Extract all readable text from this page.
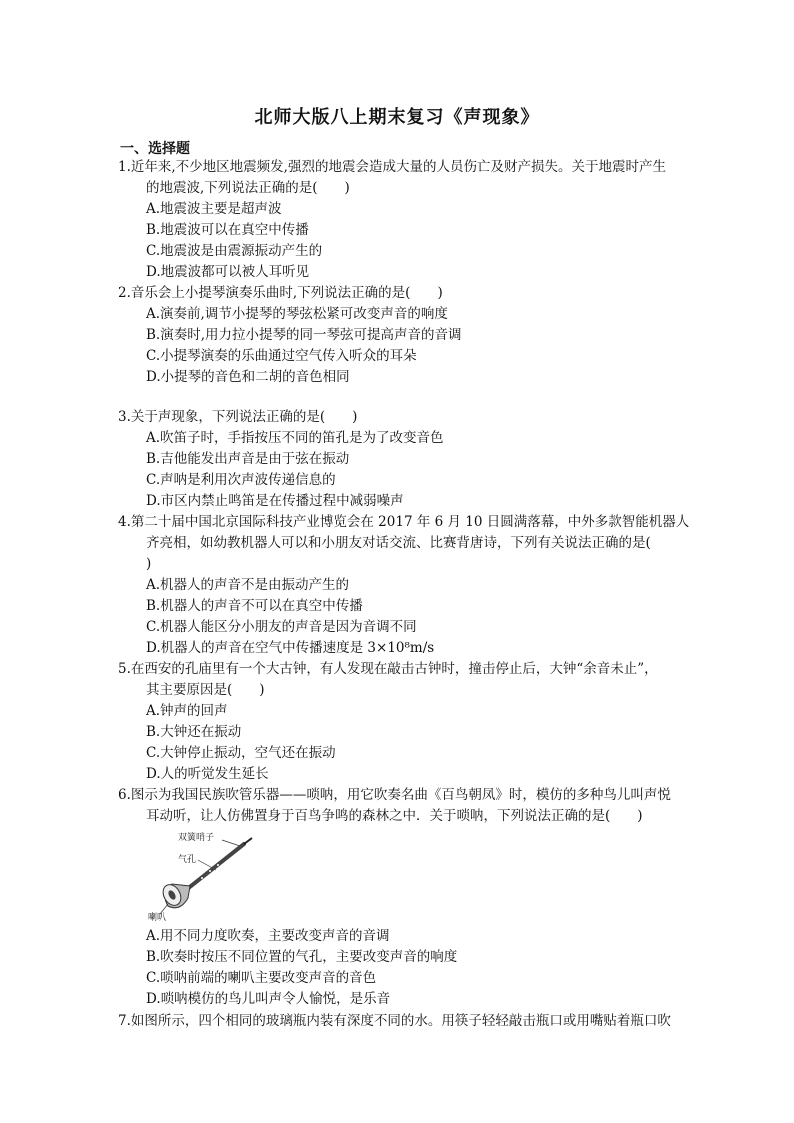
北师大版八上期末复习《声现象》
一、选择题
1.近年来,不少地区地震频发,强烈的地震会造成大量的人员伤亡及财产损失。关于地震时产生
的地震波,下列说法正确的是(　　)
A.地震波主要是超声波
B.地震波可以在真空中传播
C.地震波是由震源振动产生的
D.地震波都可以被人耳听见
2.音乐会上小提琴演奏乐曲时,下列说法正确的是(　　)
A.演奏前,调节小提琴的琴弦松紧可改变声音的响度
B.演奏时,用力拉小提琴的同一琴弦可提高声音的音调
C.小提琴演奏的乐曲通过空气传入听众的耳朵
D.小提琴的音色和二胡的音色相同
3.关于声现象，下列说法正确的是(　　)
A.吹笛子时，手指按压不同的笛孔是为了改变音色
B.吉他能发出声音是由于弦在振动
C.声呐是利用次声波传递信息的
D.市区内禁止鸣笛是在传播过程中减弱噪声
4.第二十届中国北京国际科技产业博览会在 2017 年 6 月 10 日圆满落幕，中外多款智能机器人
齐亮相，如幼教机器人可以和小朋友对话交流、比赛背唐诗，下列有关说法正确的是(
)
A.机器人的声音不是由振动产生的
B.机器人的声音不可以在真空中传播
C.机器人能区分小朋友的声音是因为音调不同
D.机器人的声音在空气中传播速度是 3×10⁸m/s
5.在西安的孔庙里有一个大古钟，有人发现在敲击古钟时，撞击停止后，大钟“余音未止”，
其主要原因是(　　)
A.钟声的回声
B.大钟还在振动
C.大钟停止振动，空气还在振动
D.人的听觉发生延长
6.图示为我国民族吹管乐器——唢呐，用它吹奏名曲《百鸟朝凤》时，模仿的多种鸟儿叫声悦
耳动听，让人仿佛置身于百鸟争鸣的森林之中．关于唢呐，下列说法正确的是(　　)
双簧哨子
气孔
喇叭
A.用不同力度吹奏，主要改变声音的音调
B.吹奏时按压不同位置的气孔，主要改变声音的响度
C.唢呐前端的喇叭主要改变声音的音色
D.唢呐模仿的鸟儿叫声令人愉悦，是乐音
7.如图所示，四个相同的玻璃瓶内装有深度不同的水。用筷子轻轻敲击瓶口或用嘴贴着瓶口吹
